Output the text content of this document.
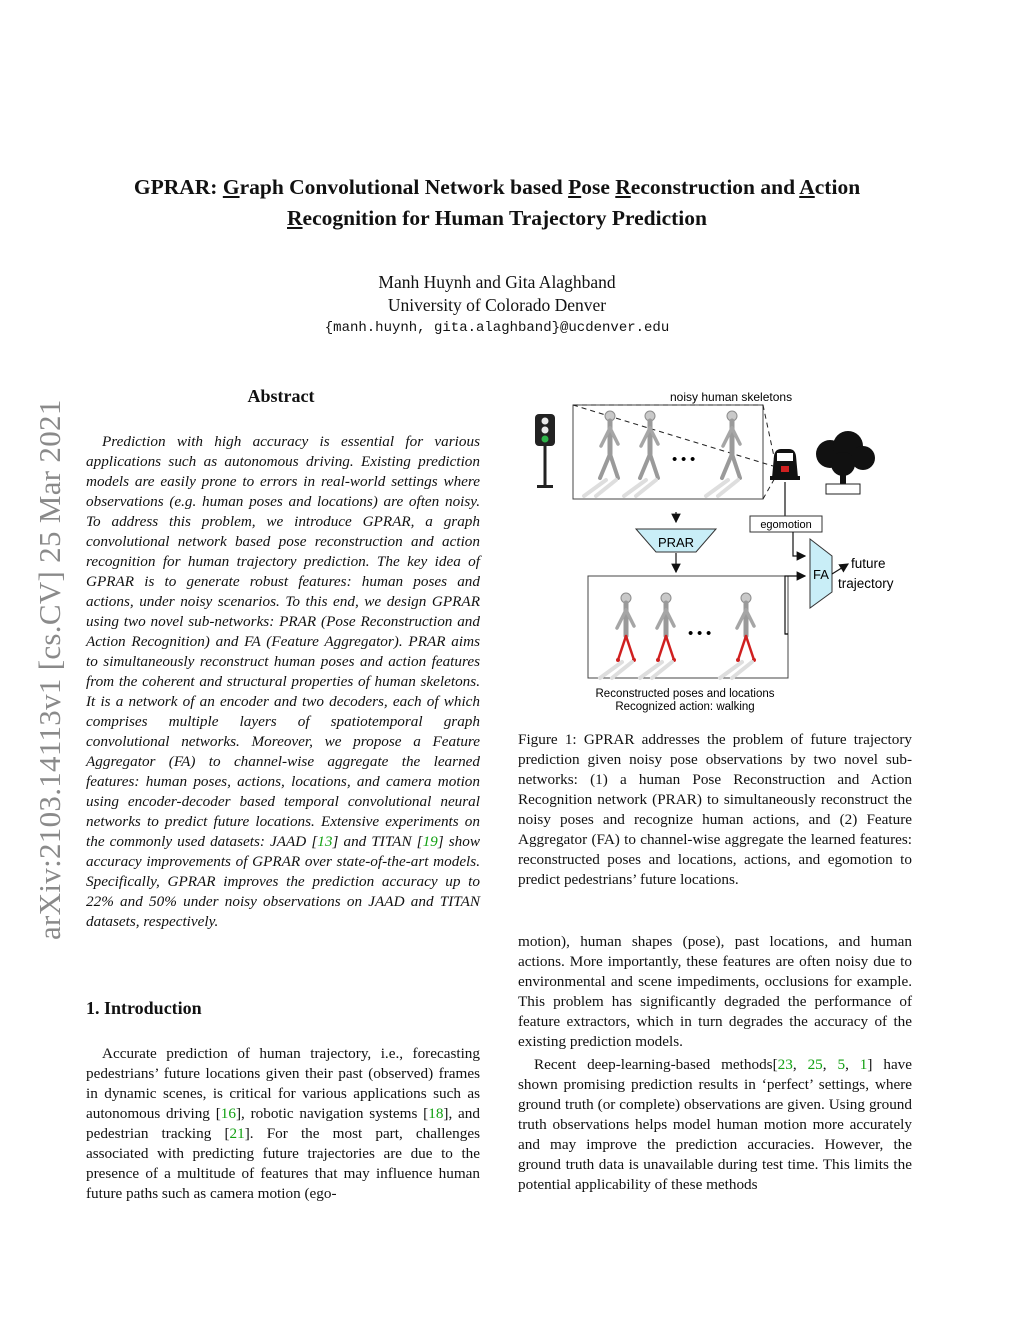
GPRAR: Graph Convolutional Network based Pose Reconstruction and Action
Recognition for Human Trajectory Prediction
Manh Huynh and Gita Alaghband
University of Colorado Denver
{manh.huynh, gita.alaghband}@ucdenver.edu
arXiv:2103.14113v1 [cs.CV] 25 Mar 2021
Abstract
Prediction with high accuracy is essential for various applications such as autonomous driving. Existing prediction models are easily prone to errors in real-world settings where observations (e.g. human poses and locations) are often noisy. To address this problem, we introduce GPRAR, a graph convolutional network based pose reconstruction and action recognition for human trajectory prediction. The key idea of GPRAR is to generate robust features: human poses and actions, under noisy scenarios. To this end, we design GPRAR using two novel sub-networks: PRAR (Pose Reconstruction and Action Recognition) and FA (Feature Aggregator). PRAR aims to simultaneously reconstruct human poses and action features from the coherent and structural properties of human skeletons. It is a network of an encoder and two decoders, each of which comprises multiple layers of spatiotemporal graph convolutional networks. Moreover, we propose a Feature Aggregator (FA) to channel-wise aggregate the learned features: human poses, actions, locations, and camera motion using encoder-decoder based temporal convolutional neural networks to predict future locations. Extensive experiments on the commonly used datasets: JAAD [13] and TITAN [19] show accuracy improvements of GPRAR over state-of-the-art models. Specifically, GPRAR improves the prediction accuracy up to 22% and 50% under noisy observations on JAAD and TITAN datasets, respectively.
1. Introduction
Accurate prediction of human trajectory, i.e., forecasting pedestrians’ future locations given their past (observed) frames in dynamic scenes, is critical for various applications such as autonomous driving [16], robotic navigation systems [18], and pedestrian tracking [21]. For the most part, challenges associated with predicting future trajectories are due to the presence of a multitude of features that may influence human future paths such as camera motion (ego-
noisy human skeletons
• • •
PRAR
• • •
Reconstructed poses and locations
Recognized action: walking
egomotion
FA
future
trajectory
Figure 1: GPRAR addresses the problem of future trajectory prediction given noisy pose observations by two novel sub-networks: (1) a human Pose Reconstruction and Action Recognition network (PRAR) to simultaneously reconstruct the noisy poses and recognize human actions, and (2) Feature Aggregator (FA) to channel-wise aggregate the learned features: reconstructed poses and locations, actions, and egomotion to predict pedestrians’ future locations.
motion), human shapes (pose), past locations, and human actions. More importantly, these features are often noisy due to environmental and scene impediments, occlusions for example. This problem has significantly degraded the performance of feature extractors, which in turn degrades the accuracy of the existing prediction models.
Recent deep-learning-based methods[23, 25, 5, 1] have shown promising prediction results in ‘perfect’ settings, where ground truth (or complete) observations are given. Using ground truth observations helps model human motion more accurately and may improve the prediction accuracies. However, the ground truth data is unavailable during test time. This limits the potential applicability of these methods
